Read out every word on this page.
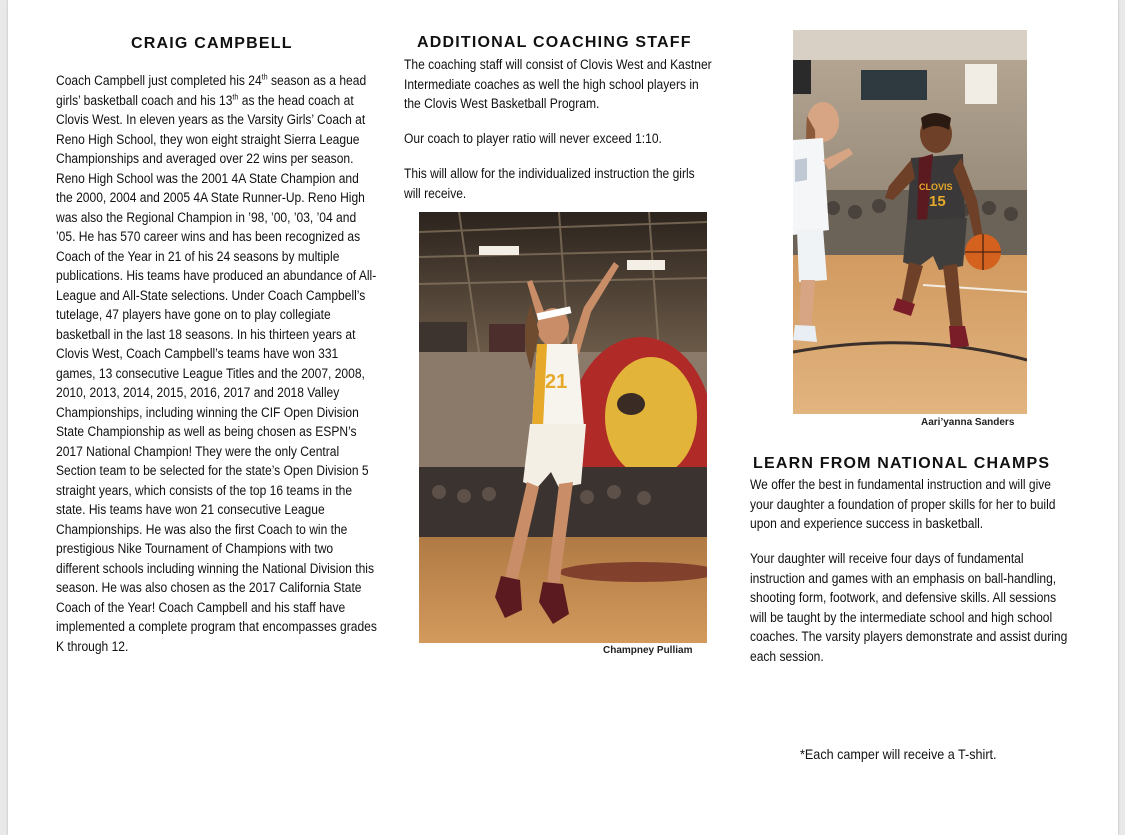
CRAIG CAMPBELL

Coach Campbell just completed his 24th season as a head girls’ basketball coach and his 13th as the head coach at Clovis West. In eleven years as the Varsity Girls’ Coach at Reno High School, they won eight straight Sierra League Championships and averaged over 22 wins per season. Reno High School was the 2001 4A State Champion and the 2000, 2004 and 2005 4A State Runner-Up. Reno High was also the Regional Champion in ’98, ’00, ’03, ’04 and ’05. He has 570 career wins and has been recognized as Coach of the Year in 21 of his 24 seasons by multiple publications. His teams have produced an abundance of All-League and All-State selections. Under Coach Campbell’s tutelage, 47 players have gone on to play collegiate basketball in the last 18 seasons. In his thirteen years at Clovis West, Coach Campbell’s teams have won 331 games, 13 consecutive League Titles and the 2007, 2008, 2010, 2013, 2014, 2015, 2016, 2017 and 2018 Valley Championships, including winning the CIF Open Division State Championship as well as being chosen as ESPN’s 2017 National Champion! They were the only Central Section team to be selected for the state’s Open Division 5 straight years, which consists of the top 16 teams in the state. His teams have won 21 consecutive League Championships. He was also the first Coach to win the prestigious Nike Tournament of Champions with two different schools including winning the National Division this season. He was also chosen as the 2017 California State Coach of the Year! Coach Campbell and his staff have implemented a complete program that encompasses grades K through 12.

ADDITIONAL COACHING STAFF

The coaching staff will consist of Clovis West and Kastner Intermediate coaches as well the high school players in the Clovis West Basketball Program.

Our coach to player ratio will never exceed 1:10.

This will allow for the individualized instruction the girls will receive.

21
Champney Pulliam
CLOVIS
15
Aari’yanna Sanders
LEARN FROM NATIONAL CHAMPS

We offer the best in fundamental instruction and will give your daughter a foundation of proper skills for her to build upon and experience success in basketball.

Your daughter will receive four days of fundamental instruction and games with an emphasis on ball-handling, shooting form, footwork, and defensive skills. All sessions will be taught by the intermediate school and high school coaches. The varsity players demonstrate and assist during each session.

*Each camper will receive a T-shirt.
